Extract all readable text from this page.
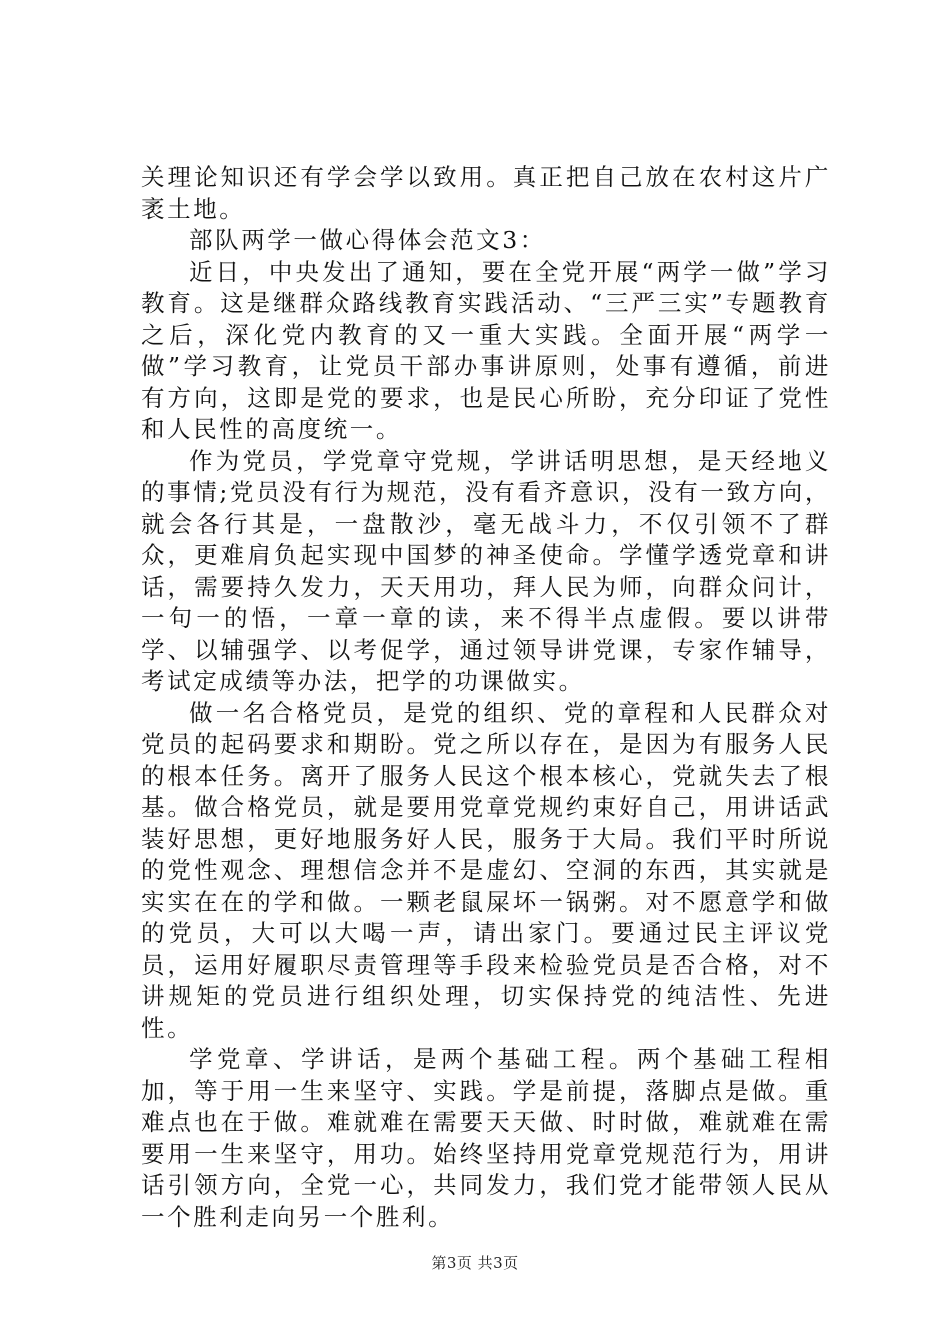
关理论知识还有学会学以致用。真正把自己放在农村这片广袤土地。

部队两学一做心得体会范文3：

近日，中央发出了通知，要在全党开展“两学一做”学习教育。这是继群众路线教育实践活动、“三严三实”专题教育之后，深化党内教育的又一重大实践。全面开展“两学一做”学习教育，让党员干部办事讲原则，处事有遵循，前进有方向，这即是党的要求，也是民心所盼，充分印证了党性和人民性的高度统一。

作为党员，学党章守党规，学讲话明思想，是天经地义的事情;党员没有行为规范，没有看齐意识，没有一致方向，就会各行其是，一盘散沙，毫无战斗力，不仅引领不了群众，更难肩负起实现中国梦的神圣使命。学懂学透党章和讲话，需要持久发力，天天用功，拜人民为师，向群众问计，一句一的悟，一章一章的读，来不得半点虚假。要以讲带学、以辅强学、以考促学，通过领导讲党课，专家作辅导，考试定成绩等办法，把学的功课做实。

做一名合格党员，是党的组织、党的章程和人民群众对党员的起码要求和期盼。党之所以存在，是因为有服务人民的根本任务。离开了服务人民这个根本核心，党就失去了根基。做合格党员，就是要用党章党规约束好自己，用讲话武装好思想，更好地服务好人民，服务于大局。我们平时所说的党性观念、理想信念并不是虚幻、空洞的东西，其实就是实实在在的学和做。一颗老鼠屎坏一锅粥。对不愿意学和做的党员，大可以大喝一声，请出家门。要通过民主评议党员，运用好履职尽责管理等手段来检验党员是否合格，对不讲规矩的党员进行组织处理，切实保持党的纯洁性、先进性。

学党章、学讲话，是两个基础工程。两个基础工程相加，等于用一生来坚守、实践。学是前提，落脚点是做。重难点也在于做。难就难在需要天天做、时时做，难就难在需要用一生来坚守，用功。始终坚持用党章党规范行为，用讲话引领方向，全党一心，共同发力，我们党才能带领人民从一个胜利走向另一个胜利。

第3页 共3页
